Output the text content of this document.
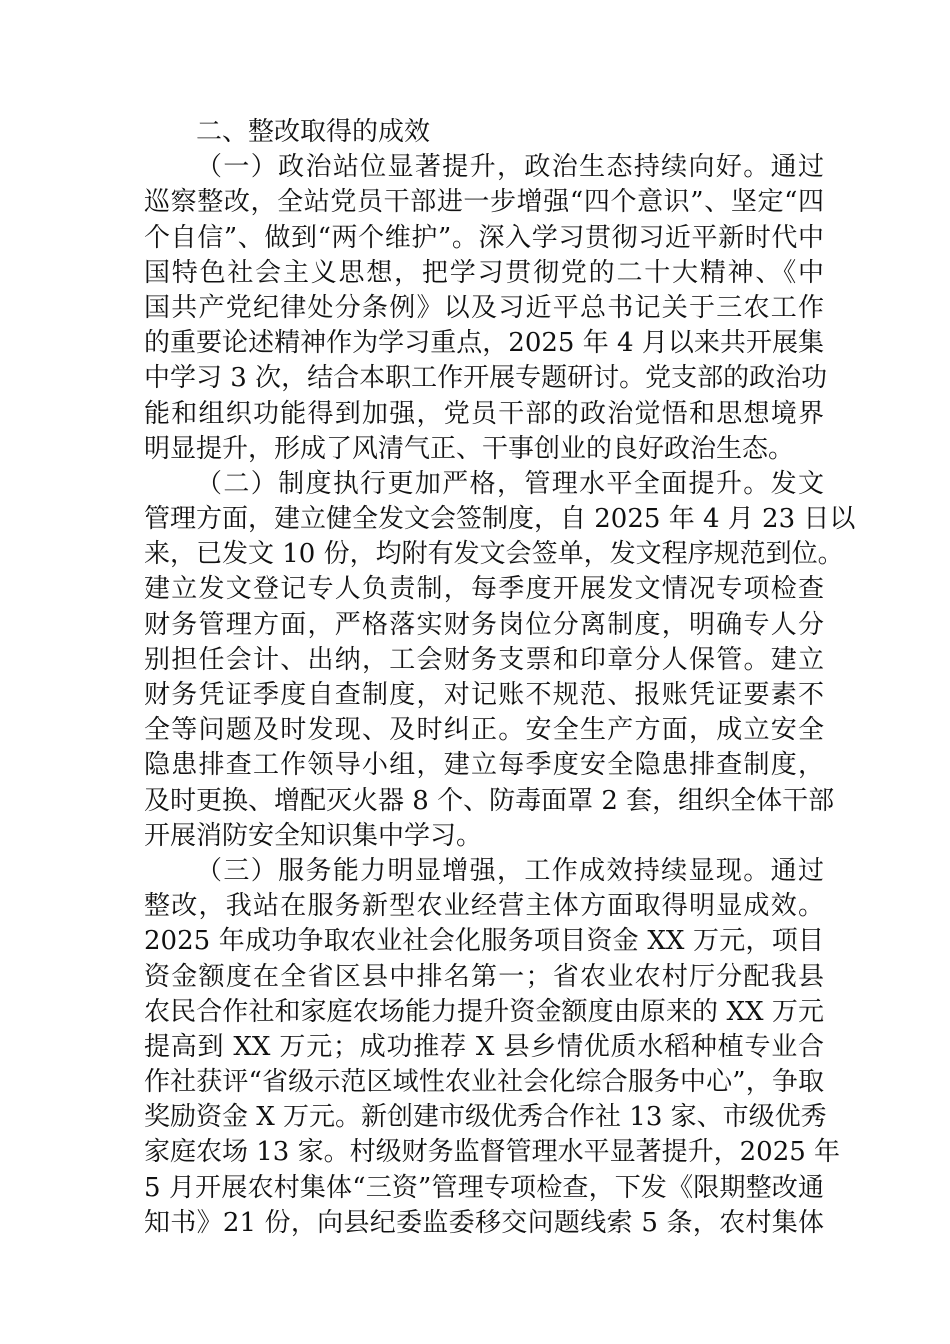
二、整改取得的成效
（一）政治站位显著提升，政治生态持续向好。通过
巡察整改，全站党员干部进一步增强“四个意识”、坚定“四
个自信”、做到“两个维护”。深入学习贯彻习近平新时代中
国特色社会主义思想，把学习贯彻党的二十大精神、《中
国共产党纪律处分条例》以及习近平总书记关于三农工作
的重要论述精神作为学习重点，2025 年 4 月以来共开展集
中学习 3 次，结合本职工作开展专题研讨。党支部的政治功
能和组织功能得到加强，党员干部的政治觉悟和思想境界
明显提升，形成了风清气正、干事创业的良好政治生态。
（二）制度执行更加严格，管理水平全面提升。发文
管理方面，建立健全发文会签制度，自 2025 年 4 月 23 日以
来，已发文 10 份，均附有发文会签单，发文程序规范到位。
建立发文登记专人负责制，每季度开展发文情况专项检查
财务管理方面，严格落实财务岗位分离制度，明确专人分
别担任会计、出纳，工会财务支票和印章分人保管。建立
财务凭证季度自查制度，对记账不规范、报账凭证要素不
全等问题及时发现、及时纠正。安全生产方面，成立安全
隐患排查工作领导小组，建立每季度安全隐患排查制度，
及时更换、增配灭火器 8 个、防毒面罩 2 套，组织全体干部
开展消防安全知识集中学习。
（三）服务能力明显增强，工作成效持续显现。通过
整改，我站在服务新型农业经营主体方面取得明显成效。
2025 年成功争取农业社会化服务项目资金 XX 万元，项目
资金额度在全省区县中排名第一；省农业农村厅分配我县
农民合作社和家庭农场能力提升资金额度由原来的 XX 万元
提高到 XX 万元；成功推荐 X 县乡情优质水稻种植专业合
作社获评“省级示范区域性农业社会化综合服务中心”，争取
奖励资金 X 万元。新创建市级优秀合作社 13 家、市级优秀
家庭农场 13 家。村级财务监督管理水平显著提升，2025 年
5 月开展农村集体“三资”管理专项检查，下发《限期整改通
知书》21 份，向县纪委监委移交问题线索 5 条，农村集体
